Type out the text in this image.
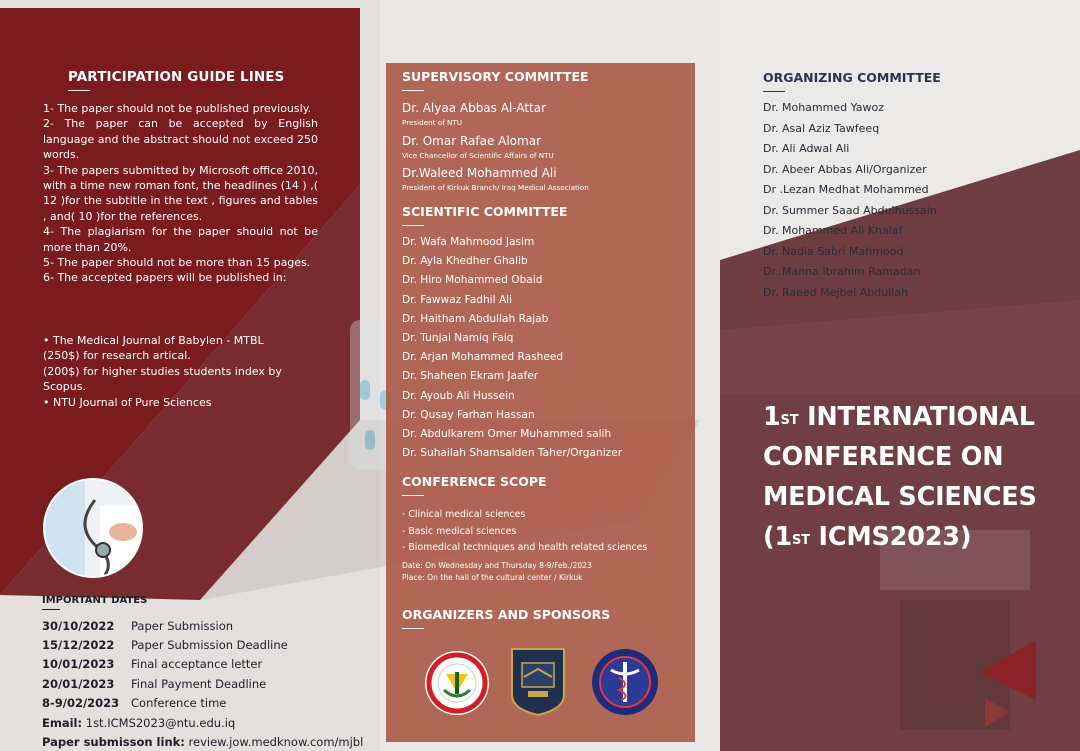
PARTICIPATION GUIDE LINES

1- The paper should not be published previously.

2- The paper can be accepted by English language and the abstract should not exceed 250 words.

3- The papers submitted by Microsoft office 2010, with a time new roman font, the headlines (14 ) ,( 12 )for the subtitle in the text , figures and tables , and( 10 )for the references.

4- The plagiarism for the paper should not be more than 20%.

5- The paper should not be more than 15 pages.

6- The accepted papers will be published in:

• The Medical Journal of Babylen - MTBL
(250$) for research artical.
(200$) for higher studies students index by Scopus.
• NTU Journal of Pure Sciences
IMPORTANT DATES
30/10/2022 Paper Submission
15/12/2022 Paper Submission Deadline
10/01/2023 Final acceptance letter
20/01/2023 Final Payment Deadline
8-9/02/2023 Conference time
Email: 1st.ICMS2023@ntu.edu.iq
Paper submisson link: review.jow.medknow.com/mjbl
SUPERVISORY COMMITTEE
Dr. Alyaa Abbas Al-Attar
President of NTU
Dr. Omar Rafae Alomar
Vice Chancellor of Scientific Affairs of NTU
Dr.Waleed Mohammed Ali
President of Kirkuk Branch/ Iraq Medical Association
SCIENTIFIC COMMITTEE
Dr. Wafa Mahmood Jasim
Dr. Ayla Khedher Ghalib
Dr. Hiro Mohammed Obaid
Dr. Fawwaz Fadhil Ali
Dr. Haitham Abdullah Rajab
Dr. Tunjai Namiq Faiq
Dr. Arjan Mohammed Rasheed
Dr. Shaheen Ekram Jaafer
Dr. Ayoub Ali Hussein
Dr. Qusay Farhan Hassan
Dr. Abdulkarem Omer Muhammed salih
Dr. Suhailah Shamsalden Taher/Organizer
CONFERENCE SCOPE
- Clinical medical sciences
- Basic medical sciences
- Biomedical techniques and health related sciences
Date: On Wednesday and Thursday 8-9/Feb./2023
Place: On the hall of the cultural center / Kirkuk
ORGANIZERS AND SPONSORS
ORGANIZING COMMITTEE
Dr. Mohammed Yawoz
Dr. Asal Aziz Tawfeeq
Dr. Ali Adwal Ali
Dr. Abeer Abbas Ali/Organizer
Dr .Lezan Medhat Mohammed
Dr. Summer Saad Abdulhussain
Dr. Mohammed Ali Khalaf
Dr. Nadia Sabri Mahmood
Dr. Manna Ibrahim Ramadan
Dr. Raeed Mejbel Abdullah
1ST INTERNATIONAL
CONFERENCE ON
MEDICAL SCIENCES
(1ST ICMS2023)
